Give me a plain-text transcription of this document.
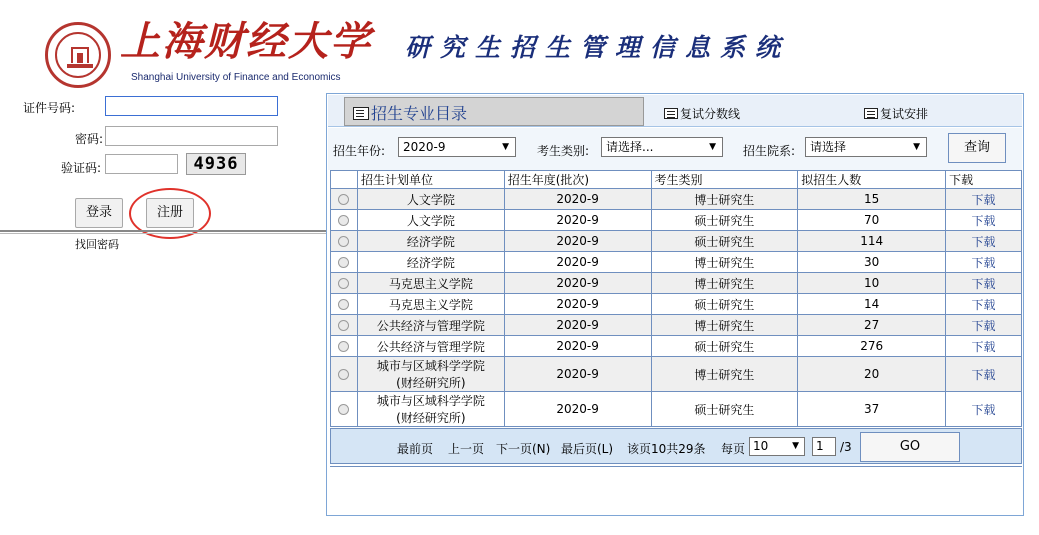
上海财经大学
Shanghai University of Finance and Economics
研究生招生管理信息系统
证件号码:
密码:
验证码:	4936
登录	注册
找回密码
招生专业目录	复试分数线	复试安排
招生年份:	2020-9	▼ 考生类别:	请选择...	▼ 招生院系:	请选择	▼	查询
	招生计划单位	招生年度(批次)	考生类别	拟招生人数	下载
	人文学院	2020-9	博士研究生	15	下载
	人文学院	2020-9	硕士研究生	70	下载
	经济学院	2020-9	硕士研究生	114	下载
	经济学院	2020-9	博士研究生	30	下载
	马克思主义学院	2020-9	博士研究生	10	下载
	马克思主义学院	2020-9	硕士研究生	14	下载
	公共经济与管理学院	2020-9	博士研究生	27	下载
	公共经济与管理学院	2020-9	硕士研究生	276	下载

	城市与区域科学学院
(财经研究所)	2020-9	博士研究生	20	下载

	城市与区域科学学院
(财经研究所)	2020-9	硕士研究生	37	下载
最前页 上一页 下一页(N) 最后页(L) 该页10共29条 每页 10	▼	1	/3	GO
